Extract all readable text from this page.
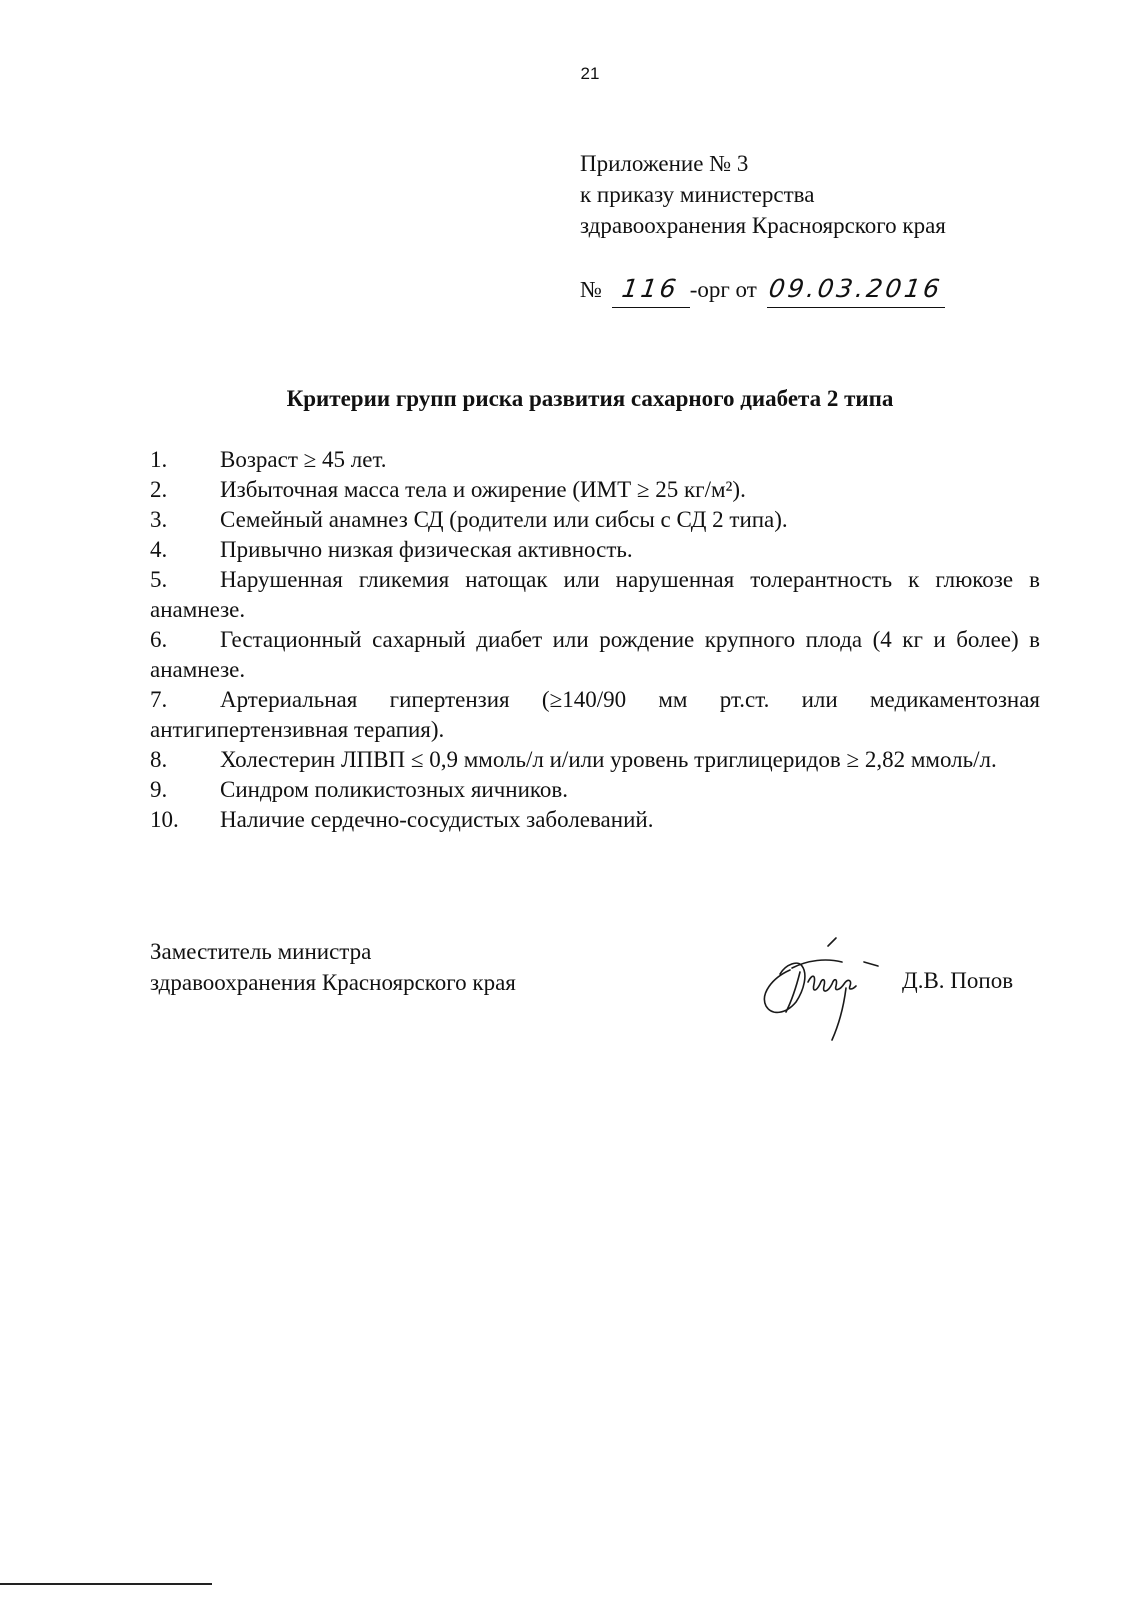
21
Приложение № 3
к приказу министерства
здравоохранения Красноярского края
№ 116 -орг от 09.03.2016
Критерии групп риска развития сахарного диабета 2 типа
1. Возраст ≥ 45 лет.
2. Избыточная масса тела и ожирение (ИМТ ≥ 25 кг/м²).
3. Семейный анамнез СД (родители или сибсы с СД 2 типа).
4. Привычно низкая физическая активность.
5. Нарушенная гликемия натощак или нарушенная толерантность к глюкозе в анамнезе.
6. Гестационный сахарный диабет или рождение крупного плода (4 кг и более) в анамнезе.
7. Артериальная гипертензия (≥140/90 мм рт.ст. или медикаментозная антигипертензивная терапия).
8. Холестерин ЛПВП ≤ 0,9 ммоль/л и/или уровень триглицеридов ≥ 2,82 ммоль/л.
9. Синдром поликистозных яичников.
10. Наличие сердечно-сосудистых заболеваний.
Заместитель министра
здравоохранения Красноярского края	Д.В. Попов
